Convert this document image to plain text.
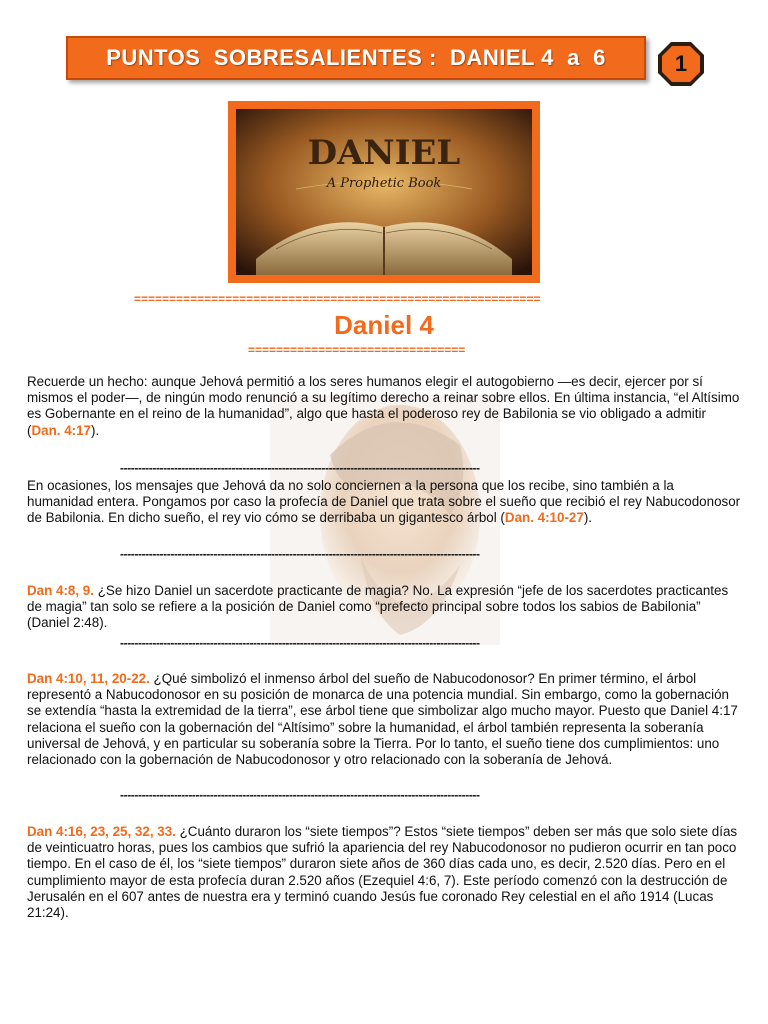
PUNTOS  SOBRESALIENTES :  DANIEL 4  a  6	1
DANIEL
A Prophetic Book
==========================================================
Daniel 4
===============================
Recuerde un hecho: aunque Jehová permitió a los seres humanos elegir el autogobierno —es decir, ejercer por sí mismos el poder—, de ningún modo renunció a su legítimo derecho a reinar sobre ellos. En última instancia, “el Altísimo es Gobernante en el reino de la humanidad”, algo que hasta el poderoso rey de Babilonia se vio obligado a admitir (Dan. 4:17).
----------------------------------------------------------------------------------------------------
En ocasiones, los mensajes que Jehová da no solo conciernen a la persona que los recibe, sino también a la humanidad entera. Pongamos por caso la profecía de Daniel que trata sobre el sueño que recibió el rey Nabucodonosor de Babilonia. En dicho sueño, el rey vio cómo se derribaba un gigantesco árbol (Dan. 4:10-27).
----------------------------------------------------------------------------------------------------
Dan 4:8, 9. ¿Se hizo Daniel un sacerdote practicante de magia? No. La expresión “jefe de los sacerdotes practicantes de magia” tan solo se refiere a la posición de Daniel como “prefecto principal sobre todos los sabios de Babilonia” (Daniel 2:48).
----------------------------------------------------------------------------------------------------
Dan 4:10, 11, 20-22. ¿Qué simbolizó el inmenso árbol del sueño de Nabucodonosor? En primer término, el árbol representó a Nabucodonosor en su posición de monarca de una potencia mundial. Sin embargo, como la gobernación se extendía “hasta la extremidad de la tierra”, ese árbol tiene que simbolizar algo mucho mayor. Puesto que Daniel 4:17 relaciona el sueño con la gobernación del “Altísimo” sobre la humanidad, el árbol también representa la soberanía universal de Jehová, y en particular su soberanía sobre la Tierra. Por lo tanto, el sueño tiene dos cumplimientos: uno relacionado con la gobernación de Nabucodonosor y otro relacionado con la soberanía de Jehová.
----------------------------------------------------------------------------------------------------
Dan 4:16, 23, 25, 32, 33. ¿Cuánto duraron los “siete tiempos”? Estos “siete tiempos” deben ser más que solo siete días de veinticuatro horas, pues los cambios que sufrió la apariencia del rey Nabucodonosor no pudieron ocurrir en tan poco tiempo. En el caso de él, los “siete tiempos” duraron siete años de 360 días cada uno, es decir, 2.520 días. Pero en el cumplimiento mayor de esta profecía duran 2.520 años (Ezequiel 4:6, 7). Este período comenzó con la destrucción de Jerusalén en el 607 antes de nuestra era y terminó cuando Jesús fue coronado Rey celestial en el año 1914 (Lucas 21:24).
